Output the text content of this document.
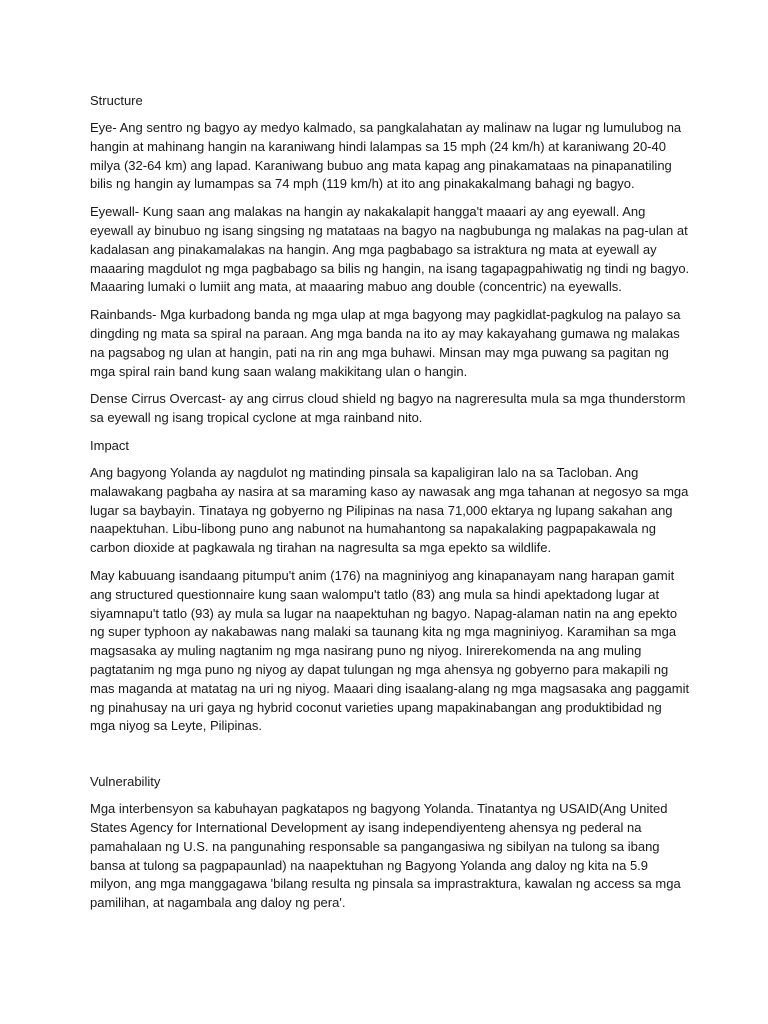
Structure

Eye- Ang sentro ng bagyo ay medyo kalmado, sa pangkalahatan ay malinaw na lugar ng lumulubog na hangin at mahinang hangin na karaniwang hindi lalampas sa 15 mph (24 km/h) at karaniwang 20-40 milya (32-64 km) ang lapad. Karaniwang bubuo ang mata kapag ang pinakamataas na pinapanatiling bilis ng hangin ay lumampas sa 74 mph (119 km/h) at ito ang pinakakalmang bahagi ng bagyo.

Eyewall- Kung saan ang malakas na hangin ay nakakalapit hangga't maaari ay ang eyewall. Ang eyewall ay binubuo ng isang singsing ng matataas na bagyo na nagbubunga ng malakas na pag-ulan at kadalasan ang pinakamalakas na hangin. Ang mga pagbabago sa istraktura ng mata at eyewall ay maaaring magdulot ng mga pagbabago sa bilis ng hangin, na isang tagapagpahiwatig ng tindi ng bagyo. Maaaring lumaki o lumiit ang mata, at maaaring mabuo ang double (concentric) na eyewalls.

Rainbands- Mga kurbadong banda ng mga ulap at mga bagyong may pagkidlat-pagkulog na palayo sa dingding ng mata sa spiral na paraan. Ang mga banda na ito ay may kakayahang gumawa ng malakas na pagsabog ng ulan at hangin, pati na rin ang mga buhawi. Minsan may mga puwang sa pagitan ng mga spiral rain band kung saan walang makikitang ulan o hangin.

Dense Cirrus Overcast- ay ang cirrus cloud shield ng bagyo na nagreresulta mula sa mga thunderstorm sa eyewall ng isang tropical cyclone at mga rainband nito.

Impact

Ang bagyong Yolanda ay nagdulot ng matinding pinsala sa kapaligiran lalo na sa Tacloban. Ang malawakang pagbaha ay nasira at sa maraming kaso ay nawasak ang mga tahanan at negosyo sa mga lugar sa baybayin. Tinataya ng gobyerno ng Pilipinas na nasa 71,000 ektarya ng lupang sakahan ang naapektuhan. Libu-libong puno ang nabunot na humahantong sa napakalaking pagpapakawala ng carbon dioxide at pagkawala ng tirahan na nagresulta sa mga epekto sa wildlife.

May kabuuang isandaang pitumpu't anim (176) na magniniyog ang kinapanayam nang harapan gamit ang structured questionnaire kung saan walompu't tatlo (83) ang mula sa hindi apektadong lugar at siyamnapu't tatlo (93) ay mula sa lugar na naapektuhan ng bagyo. Napag-alaman natin na ang epekto ng super typhoon ay nakabawas nang malaki sa taunang kita ng mga magniniyog. Karamihan sa mga magsasaka ay muling nagtanim ng mga nasirang puno ng niyog. Inirerekomenda na ang muling pagtatanim ng mga puno ng niyog ay dapat tulungan ng mga ahensya ng gobyerno para makapili ng mas maganda at matatag na uri ng niyog. Maaari ding isaalang-alang ng mga magsasaka ang paggamit ng pinahusay na uri gaya ng hybrid coconut varieties upang mapakinabangan ang produktibidad ng mga niyog sa Leyte, Pilipinas.

Vulnerability

Mga interbensyon sa kabuhayan pagkatapos ng bagyong Yolanda. Tinatantya ng USAID(Ang United States Agency for International Development ay isang independiyenteng ahensya ng pederal na pamahalaan ng U.S. na pangunahing responsable sa pangangasiwa ng sibilyan na tulong sa ibang bansa at tulong sa pagpapaunlad) na naapektuhan ng Bagyong Yolanda ang daloy ng kita na 5.9 milyon, ang mga manggagawa 'bilang resulta ng pinsala sa imprastraktura, kawalan ng access sa mga pamilihan, at nagambala ang daloy ng pera'.
